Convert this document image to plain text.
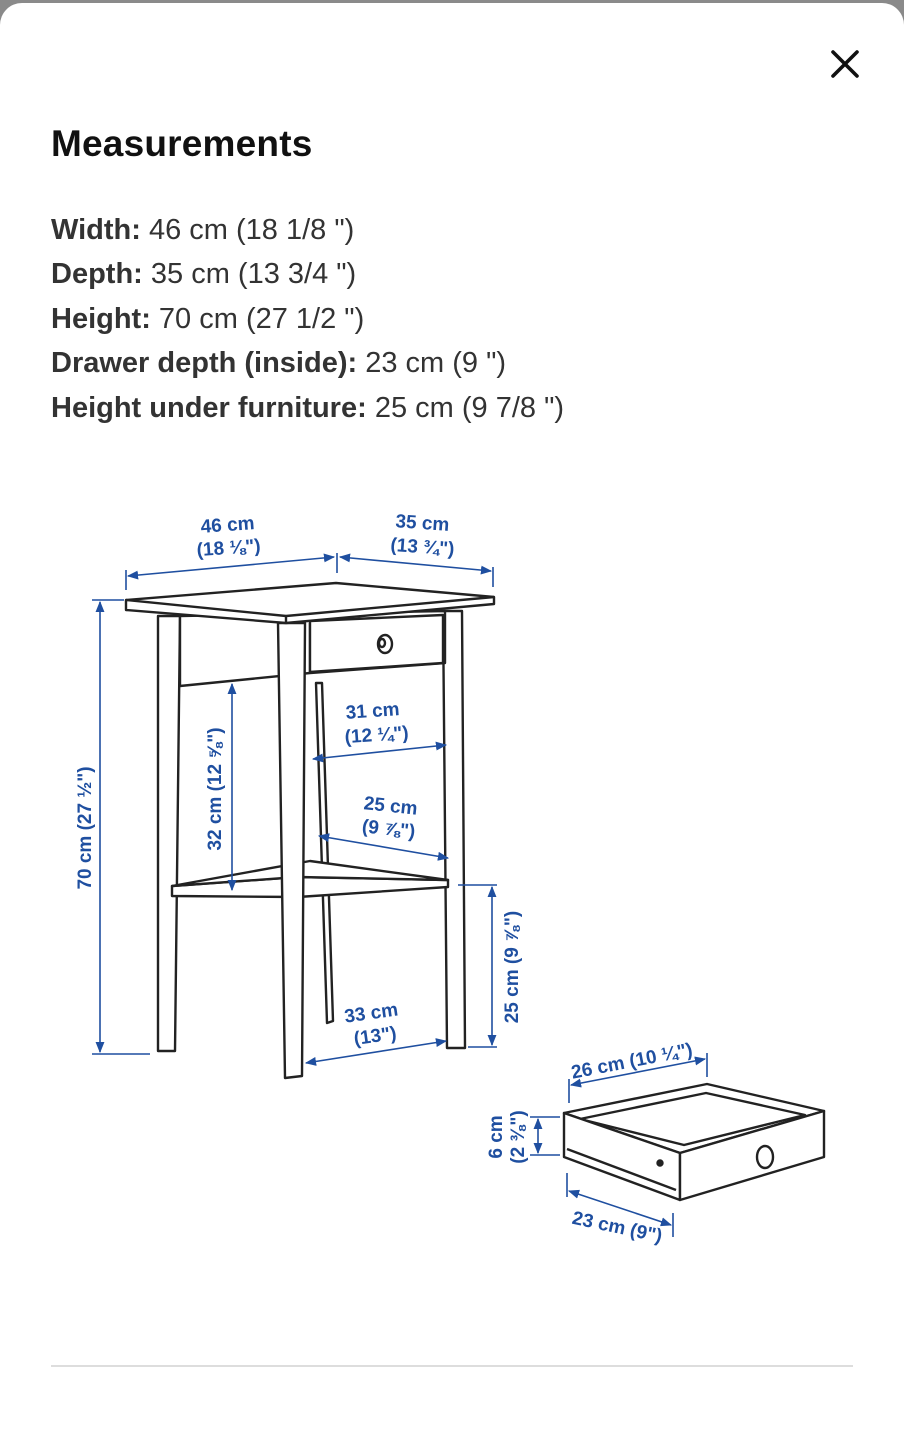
Measurements
Width: 46 cm (18 1/8 ")
Depth: 35 cm (13 3/4 ")
Height: 70 cm (27 1/2 ")
Drawer depth (inside): 23 cm (9 ")
Height under furniture: 25 cm (9 7/8 ")
46 cm
(18 ⅛")
35 cm
(13 ¾")
70 cm (27 ½")	32 cm (12 ⅝")
31 cm
(12 ¼")
25 cm
(9 ⅞")
33 cm
(13")
25 cm (9 ⅞")
26 cm (10 ¼")
6 cm (2 ⅜")
23 cm (9")
